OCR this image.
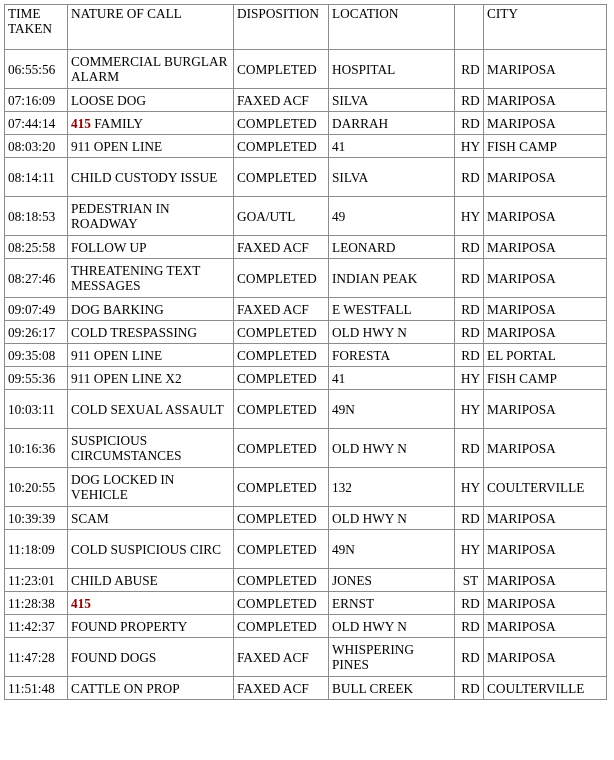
TIME TAKEN	NATURE OF CALL	DISPOSITION	LOCATION		CITY
06:55:56	COMMERCIAL BURGLAR ALARM	COMPLETED	HOSPITAL	RD	MARIPOSA
07:16:09	LOOSE DOG	FAXED ACF	SILVA	RD	MARIPOSA
07:44:14	415 FAMILY	COMPLETED	DARRAH	RD	MARIPOSA
08:03:20	911 OPEN LINE	COMPLETED	41	HY	FISH CAMP
08:14:11	CHILD CUSTODY ISSUE	COMPLETED	SILVA	RD	MARIPOSA
08:18:53	PEDESTRIAN IN ROADWAY	GOA/UTL	49	HY	MARIPOSA
08:25:58	FOLLOW UP	FAXED ACF	LEONARD	RD	MARIPOSA
08:27:46	THREATENING TEXT MESSAGES	COMPLETED	INDIAN PEAK	RD	MARIPOSA
09:07:49	DOG BARKING	FAXED ACF	E WESTFALL	RD	MARIPOSA
09:26:17	COLD TRESPASSING	COMPLETED	OLD HWY N	RD	MARIPOSA
09:35:08	911 OPEN LINE	COMPLETED	FORESTA	RD	EL PORTAL
09:55:36	911 OPEN LINE X2	COMPLETED	41	HY	FISH CAMP
10:03:11	COLD SEXUAL ASSAULT	COMPLETED	49N	HY	MARIPOSA
10:16:36	SUSPICIOUS CIRCUMSTANCES	COMPLETED	OLD HWY N	RD	MARIPOSA
10:20:55	DOG LOCKED IN VEHICLE	COMPLETED	132	HY	COULTERVILLE
10:39:39	SCAM	COMPLETED	OLD HWY N	RD	MARIPOSA
11:18:09	COLD SUSPICIOUS CIRC	COMPLETED	49N	HY	MARIPOSA
11:23:01	CHILD ABUSE	COMPLETED	JONES	ST	MARIPOSA
11:28:38	415	COMPLETED	ERNST	RD	MARIPOSA
11:42:37	FOUND PROPERTY	COMPLETED	OLD HWY N	RD	MARIPOSA
11:47:28	FOUND DOGS	FAXED ACF	WHISPERING PINES	RD	MARIPOSA
11:51:48	CATTLE ON PROP	FAXED ACF	BULL CREEK	RD	COULTERVILLE
